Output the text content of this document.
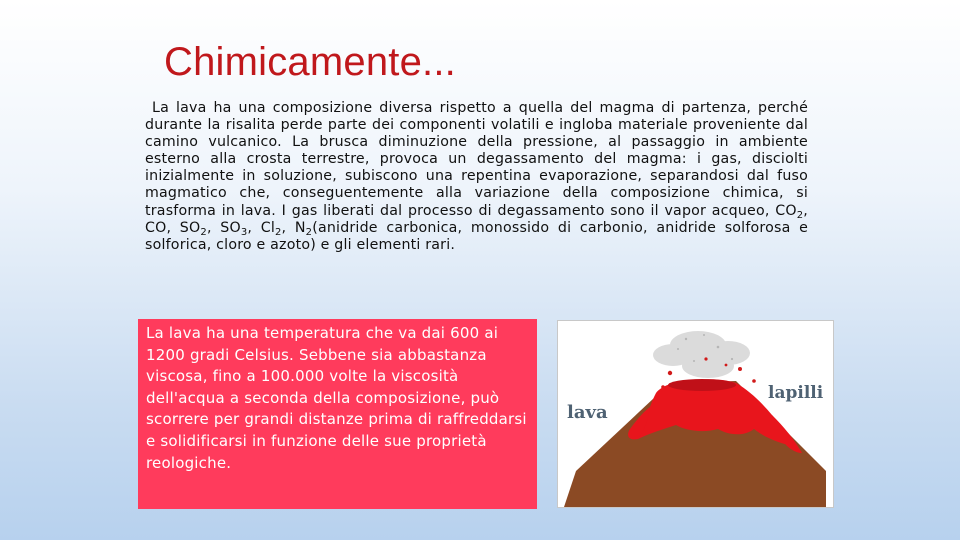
Chimicamente...
La lava ha una composizione diversa rispetto a quella del magma di partenza, perché durante la risalita perde parte dei componenti volatili e ingloba materiale proveniente dal camino vulcanico. La brusca diminuzione della pressione, al passaggio in ambiente esterno alla crosta terrestre, provoca un degassamento del magma: i gas, disciolti inizialmente in soluzione, subiscono una repentina evaporazione, separandosi dal fuso magmatico che, conseguentemente alla variazione della composizione chimica, si trasforma in lava. I gas liberati dal processo di degassamento sono il vapor acqueo, $CO_2$, CO, $SO_2$, $SO_3$, $Cl_2$, $N_2(anidride$ carbonica, monossido di carbonio, anidride solforosa e solforica, cloro e azoto) e gli elementi rari.

La lava ha una temperatura che va dai 600 ai 1200 gradi Celsius. Sebbene sia abbastanza viscosa, fino a 100.000 volte la viscosità dell'acqua a seconda della composizione, può scorrere per grandi distanze prima di raffreddarsi e solidificarsi in funzione delle sue proprietà reologiche.

lava
lapilli
